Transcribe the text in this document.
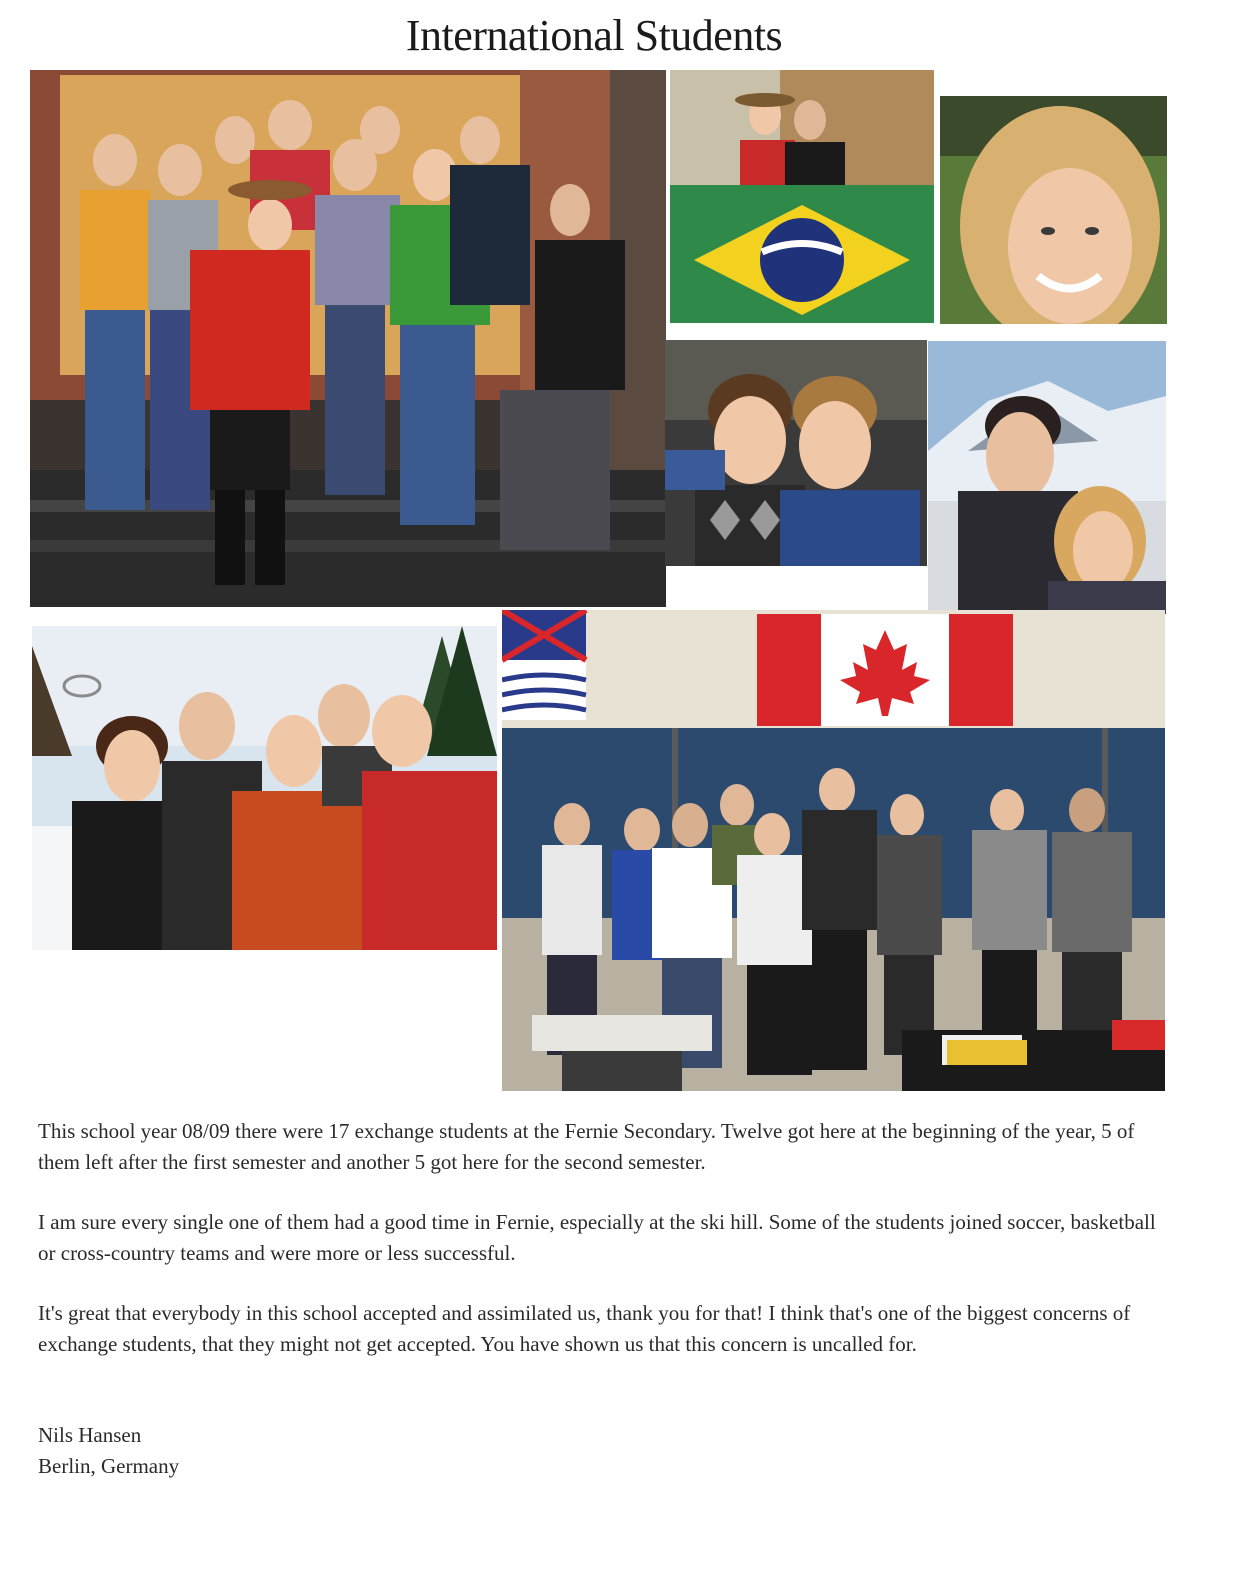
International Students

This school year 08/09 there were 17 exchange students at the Fernie Secondary. Twelve got here at the beginning of the year, 5 of them left after the first semester and another 5 got here for the second semester.

I am sure every single one of them had a good time in Fernie, especially at the ski hill. Some of the students joined soccer, basketball or cross-country teams and were more or less successful.

It's great that everybody in this school accepted and assimilated us, thank you for that! I think that's one of the biggest concerns of exchange students, that they might not get accepted. You have shown us that this concern is uncalled for.

Nils Hansen
Berlin, Germany
